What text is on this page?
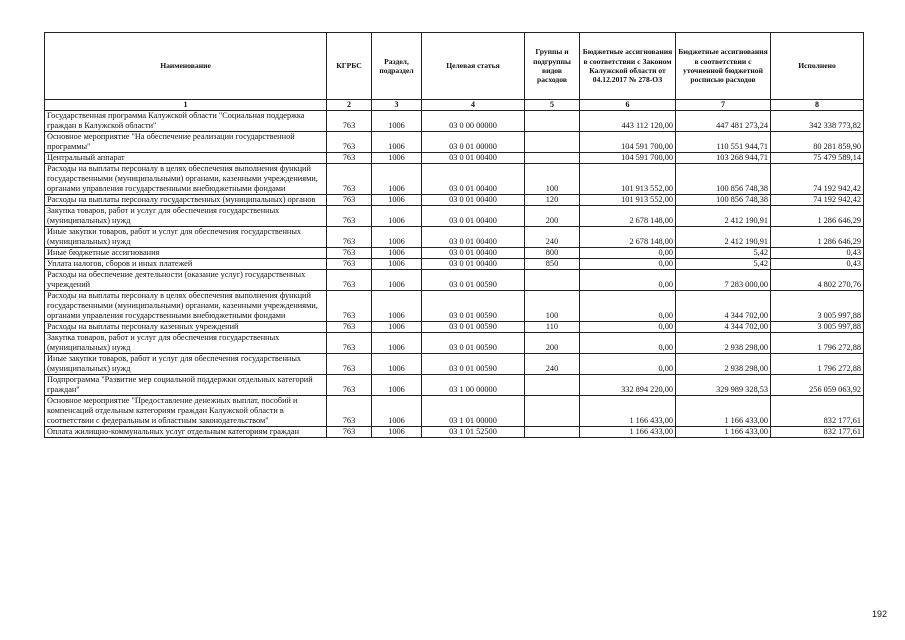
Наименование	КГРБС	Раздел, подраздел	Целевая статья	Группы и подгруппы видов расходов	Бюджетные ассигнования в соответствии с Законом Калужской области от 04.12.2017 № 278-ОЗ	Бюджетные ассигнования в соответствии с уточненной бюджетной росписью расходов	Исполнено
1	2	3	4	5	6	7	8
Государственная программа Калужской области "Социальная поддержка граждан в Калужской области"	763	1006	03 0 00 00000		443 112 120,00	447 481 273,24	342 338 773,82
Основное мероприятие "На обеспечение реализации государственной программы"	763	1006	03 0 01 00000		104 591 700,00	110 551 944,71	80 281 859,90
Центральный аппарат	763	1006	03 0 01 00400		104 591 700,00	103 268 944,71	75 479 589,14
Расходы на выплаты персоналу в целях обеспечения выполнения функций государственными (муниципальными) органами, казенными учреждениями, органами управления государственными внебюджетными фондами	763	1006	03 0 01 00400	100	101 913 552,00	100 856 748,38	74 192 942,42
Расходы на выплаты персоналу государственных (муниципальных) органов	763	1006	03 0 01 00400	120	101 913 552,00	100 856 748,38	74 192 942,42
Закупка товаров, работ и услуг для обеспечения государственных (муниципальных) нужд	763	1006	03 0 01 00400	200	2 678 148,00	2 412 190,91	1 286 646,29
Иные закупки товаров, работ и услуг для обеспечения государственных (муниципальных) нужд	763	1006	03 0 01 00400	240	2 678 148,00	2 412 190,91	1 286 646,29
Иные бюджетные ассигнования	763	1006	03 0 01 00400	800	0,00	5,42	0,43
Уплата налогов, сборов и иных платежей	763	1006	03 0 01 00400	850	0,00	5,42	0,43
Расходы на обеспечение деятельности (оказание услуг) государственных учреждений	763	1006	03 0 01 00590		0,00	7 283 000,00	4 802 270,76
Расходы на выплаты персоналу в целях обеспечения выполнения функций государственными (муниципальными) органами, казенными учреждениями, органами управления государственными внебюджетными фондами	763	1006	03 0 01 00590	100	0,00	4 344 702,00	3 005 997,88
Расходы на выплаты персоналу казенных учреждений	763	1006	03 0 01 00590	110	0,00	4 344 702,00	3 005 997,88
Закупка товаров, работ и услуг для обеспечения государственных (муниципальных) нужд	763	1006	03 0 01 00590	200	0,00	2 938 298,00	1 796 272,88
Иные закупки товаров, работ и услуг для обеспечения государственных (муниципальных) нужд	763	1006	03 0 01 00590	240	0,00	2 938 298,00	1 796 272,88
Подпрограмма "Развитие мер социальной поддержки отдельных категорий граждан"	763	1006	03 1 00 00000		332 894 220,00	329 989 328,53	256 059 063,92
Основное мероприятие "Предоставление денежных выплат, пособий и компенсаций отдельным категориям граждан Калужской области в соответствии с федеральным и областным законодательством"	763	1006	03 1 01 00000		1 166 433,00	1 166 433,00	832 177,61
Оплата жилищно-коммунальных услуг отдельным категориям граждан	763	1006	03 1 01 52500		1 166 433,00	1 166 433,00	832 177,61
192
